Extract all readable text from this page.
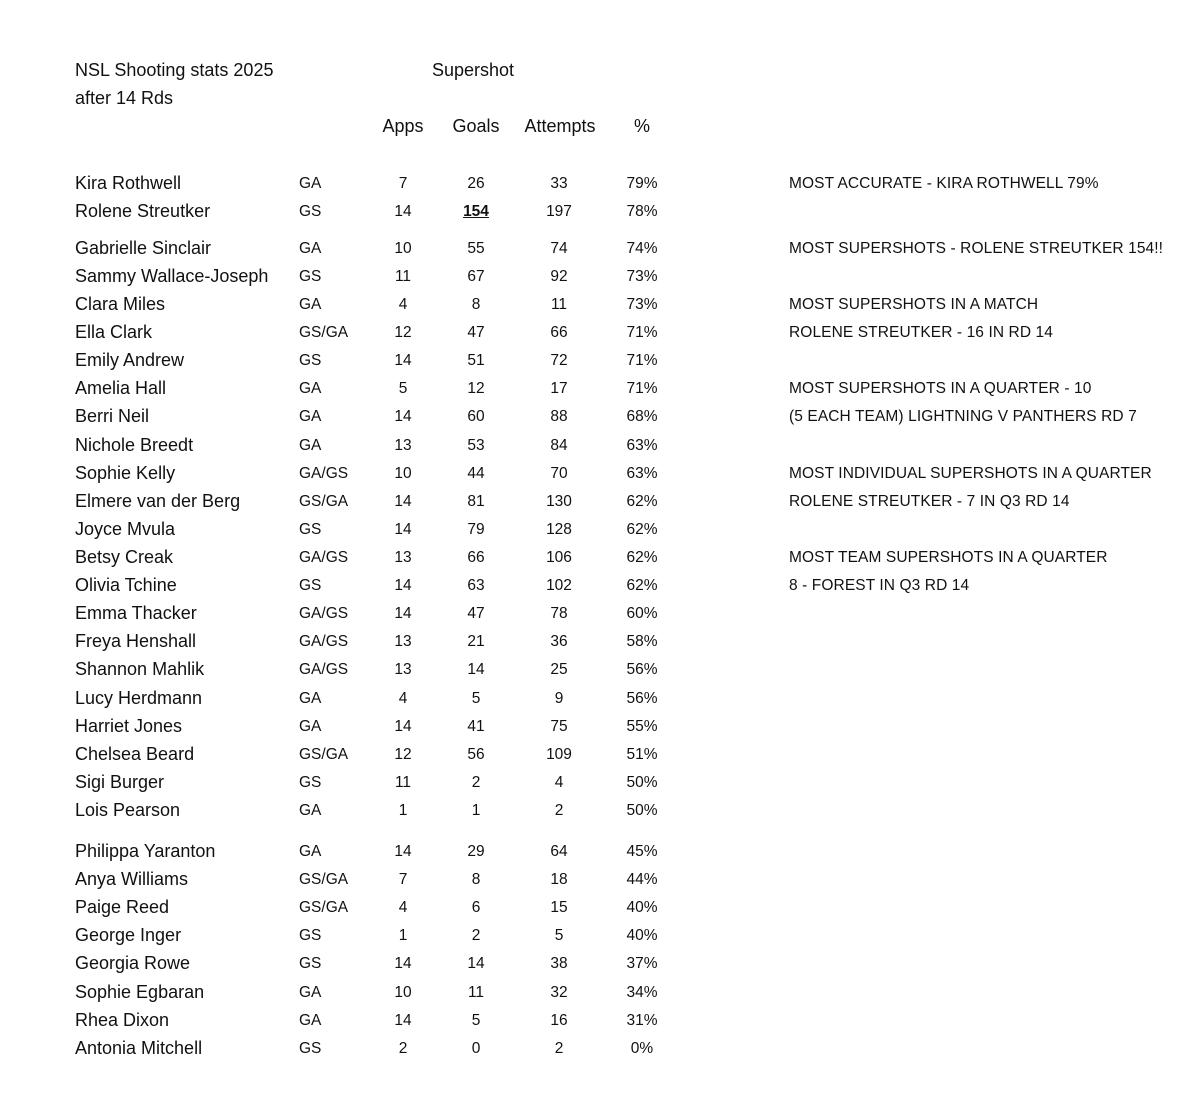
NSL Shooting stats 2025
after 14 Rds
Supershot
Apps	Goals	Attempts	%
Kira Rothwell	GA	7	26	33	79%
Rolene Streutker	GS	14	154	197	78%
Gabrielle Sinclair	GA	10	55	74	74%
Sammy Wallace-Joseph GS	11	67	92	73%
Clara Miles	GA	4	8	11	73%
Ella Clark	GS/GA	12	47	66	71%
Emily Andrew	GS	14	51	72	71%
Amelia Hall	GA	5	12	17	71%
Berri Neil	GA	14	60	88	68%
Nichole Breedt	GA	13	53	84	63%
Sophie Kelly	GA/GS	10	44	70	63%
Elmere van der Berg	GS/GA	14	81	130	62%
Joyce Mvula	GS	14	79	128	62%
Betsy Creak	GA/GS	13	66	106	62%
Olivia Tchine	GS	14	63	102	62%
Emma Thacker	GA/GS	14	47	78	60%
Freya Henshall	GA/GS	13	21	36	58%
Shannon Mahlik	GA/GS	13	14	25	56%
Lucy Herdmann	GA	4	5	9	56%
Harriet Jones	GA	14	41	75	55%
Chelsea Beard	GS/GA	12	56	109	51%
Sigi Burger	GS	11	2	4	50%
Lois Pearson	GA	1	1	2	50%
Philippa Yaranton	GA	14	29	64	45%
Anya Williams	GS/GA	7	8	18	44%
Paige Reed	GS/GA	4	6	15	40%
George Inger	GS	1	2	5	40%
Georgia Rowe	GS	14	14	38	37%
Sophie Egbaran	GA	10	11	32	34%
Rhea Dixon	GA	14	5	16	31%
Antonia Mitchell	GS	2	0	2	0%
MOST ACCURATE - KIRA ROTHWELL 79%
MOST SUPERSHOTS - ROLENE STREUTKER 154!!
MOST SUPERSHOTS IN A MATCH
ROLENE STREUTKER - 16 IN RD 14
MOST SUPERSHOTS IN A QUARTER - 10
(5 EACH TEAM) LIGHTNING V PANTHERS RD 7
MOST INDIVIDUAL SUPERSHOTS IN A QUARTER
ROLENE STREUTKER - 7 IN Q3 RD 14
MOST TEAM SUPERSHOTS IN A QUARTER
8 - FOREST IN Q3 RD 14
